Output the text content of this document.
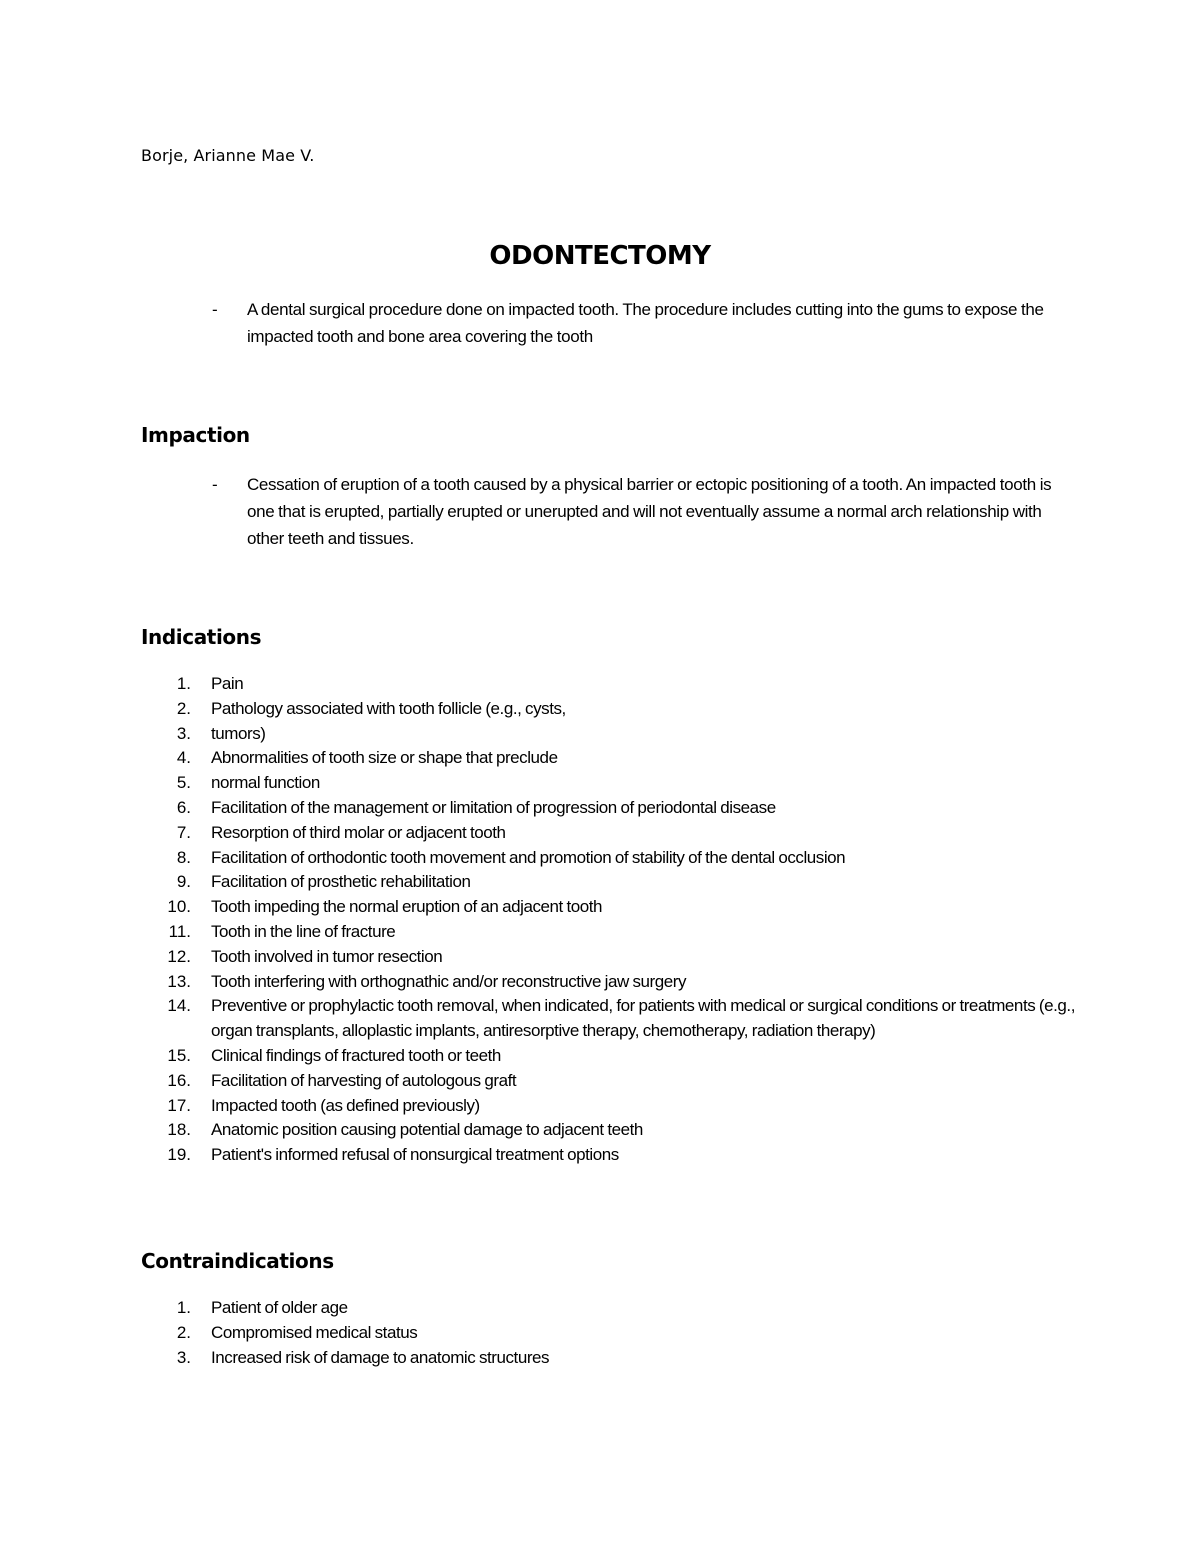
Borje, Arianne Mae V.
ODONTECTOMY
- A dental surgical procedure done on impacted tooth. The procedure includes cutting into the gums to expose the impacted tooth and bone area covering the tooth
Impaction
- Cessation of eruption of a tooth caused by a physical barrier or ectopic positioning of a tooth. An impacted tooth is one that is erupted, partially erupted or unerupted and will not eventually assume a normal arch relationship with other teeth and tissues.
Indications
1. Pain
2. Pathology associated with tooth follicle (e.g., cysts,
3. tumors)
4. Abnormalities of tooth size or shape that preclude
5. normal function
6. Facilitation of the management or limitation of progression of periodontal disease
7. Resorption of third molar or adjacent tooth
8. Facilitation of orthodontic tooth movement and promotion of stability of the dental occlusion
9. Facilitation of prosthetic rehabilitation
10. Tooth impeding the normal eruption of an adjacent tooth
11. Tooth in the line of fracture
12. Tooth involved in tumor resection
13. Tooth interfering with orthognathic and/or reconstructive jaw surgery
14. Preventive or prophylactic tooth removal, when indicated, for patients with medical or surgical conditions or treatments (e.g., organ transplants, alloplastic implants, antiresorptive therapy, chemotherapy, radiation therapy)
15. Clinical findings of fractured tooth or teeth
16. Facilitation of harvesting of autologous graft
17. Impacted tooth (as defined previously)
18. Anatomic position causing potential damage to adjacent teeth
19. Patient's informed refusal of nonsurgical treatment options
Contraindications
1. Patient of older age
2. Compromised medical status
3. Increased risk of damage to anatomic structures
